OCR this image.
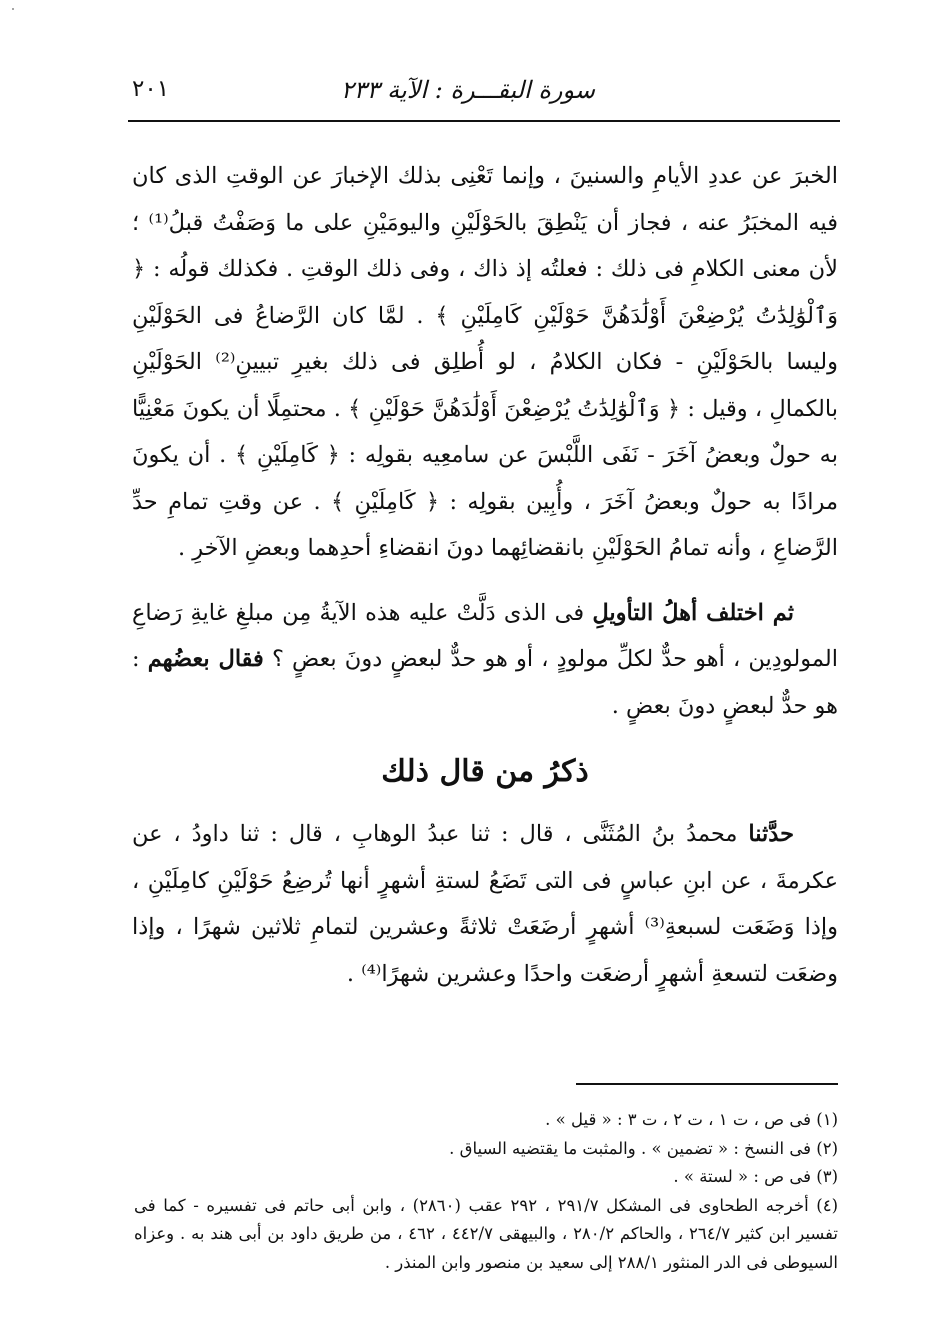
سورة البقـــرة : الآية ٢٣٣
٢٠١

الخبرَ عن عددِ الأيامِ والسنينَ ، وإنما تَعْنِى بذلك الإخبارَ عن الوقتِ الذى كان فيه المخبَرُ عنه ، فجاز أن يَنْطِقَ بالحَوْلَيْنِ واليومَيْنِ على ما وَصَفْتُ قبلُ⁽¹⁾ ؛ لأن معنى الكلامِ فى ذلك : فعلتُه إذ ذاك ، وفى ذلك الوقتِ . فكذلك قولُه : ﴿ وَٱلْوَٰلِدَٰتُ يُرْضِعْنَ أَوْلَٰدَهُنَّ حَوْلَيْنِ كَامِلَيْنِ ﴾ . لمَّا كان الرَّضاعُ فى الحَوْلَيْنِ وليسا بالحَوْلَيْنِ - فكان الكلامُ ، لو أُطلِق فى ذلك بغيرِ تبيينِ⁽²⁾ الحَوْلَيْنِ بالكمالِ ، وقيل : ﴿ وَٱلْوَٰلِدَٰتُ يُرْضِعْنَ أَوْلَٰدَهُنَّ حَوْلَيْنِ ﴾ . محتمِلًا أن يكونَ مَعْنِيًّا به حولٌ وبعضُ آخَرَ - نَفَى اللَّبْسَ عن سامعِيه بقولِه : ﴿ كَامِلَيْنِ ﴾ . أن يكونَ مرادًا به حولٌ وبعضُ آخَرَ ، وأُبِين بقولِه : ﴿ كَامِلَيْنِ ﴾ . عن وقتِ تمامِ حدِّ الرَّضاعِ ، وأنه تمامُ الحَوْلَيْنِ بانقضائِهما دونَ انقضاءِ أحدِهما وبعضِ الآخرِ .

ثم اختلف أهلُ التأويلِ فى الذى دَلَّتْ عليه هذه الآيةُ مِن مبلغِ غايةِ رَضاعِ المولودِين ، أهو حدٌّ لكلِّ مولودٍ ، أو هو حدٌّ لبعضٍ دونَ بعضٍ ؟ فقال بعضُهم : هو حدٌّ لبعضٍ دونَ بعضٍ .

ذكرُ من قال ذلك

حدَّثنا محمدُ بنُ المُثَنَّى ، قال : ثنا عبدُ الوهابِ ، قال : ثنا داودُ ، عن عكرمةَ ، عن ابنِ عباسٍ فى التى تَضَعُ لستةِ أشهرٍ أنها تُرضِعُ حَوْلَيْنِ كامِلَيْنِ ، وإذا وَضَعَت لسبعةِ⁽³⁾ أشهرٍ أرضَعَتْ ثلاثةً وعشرين لتمامِ ثلاثين شهرًا ، وإذا وضعَت لتسعةِ أشهرٍ أرضعَت واحدًا وعشرين شهرًا⁽⁴⁾ .

(١) فى ص ، ت ١ ، ت ٢ ، ت ٣ : « قيل » .

(٢) فى النسخ : « تضمين » . والمثبت ما يقتضيه السياق .

(٣) فى ص : « لستة » .

(٤) أخرجه الطحاوى فى المشكل ٢٩١/٧ ، ٢٩٢ عقب (٢٨٦٠) ، وابن أبى حاتم فى تفسيره - كما فى تفسير ابن كثير ٢٦٤/٧ ، والحاكم ٢٨٠/٢ ، والبيهقى ٤٤٢/٧ ، ٤٦٢ ، من طريق داود بن أبى هند به . وعزاه السيوطى فى الدر المنثور ٢٨٨/١ إلى سعيد بن منصور وابن المنذر .
